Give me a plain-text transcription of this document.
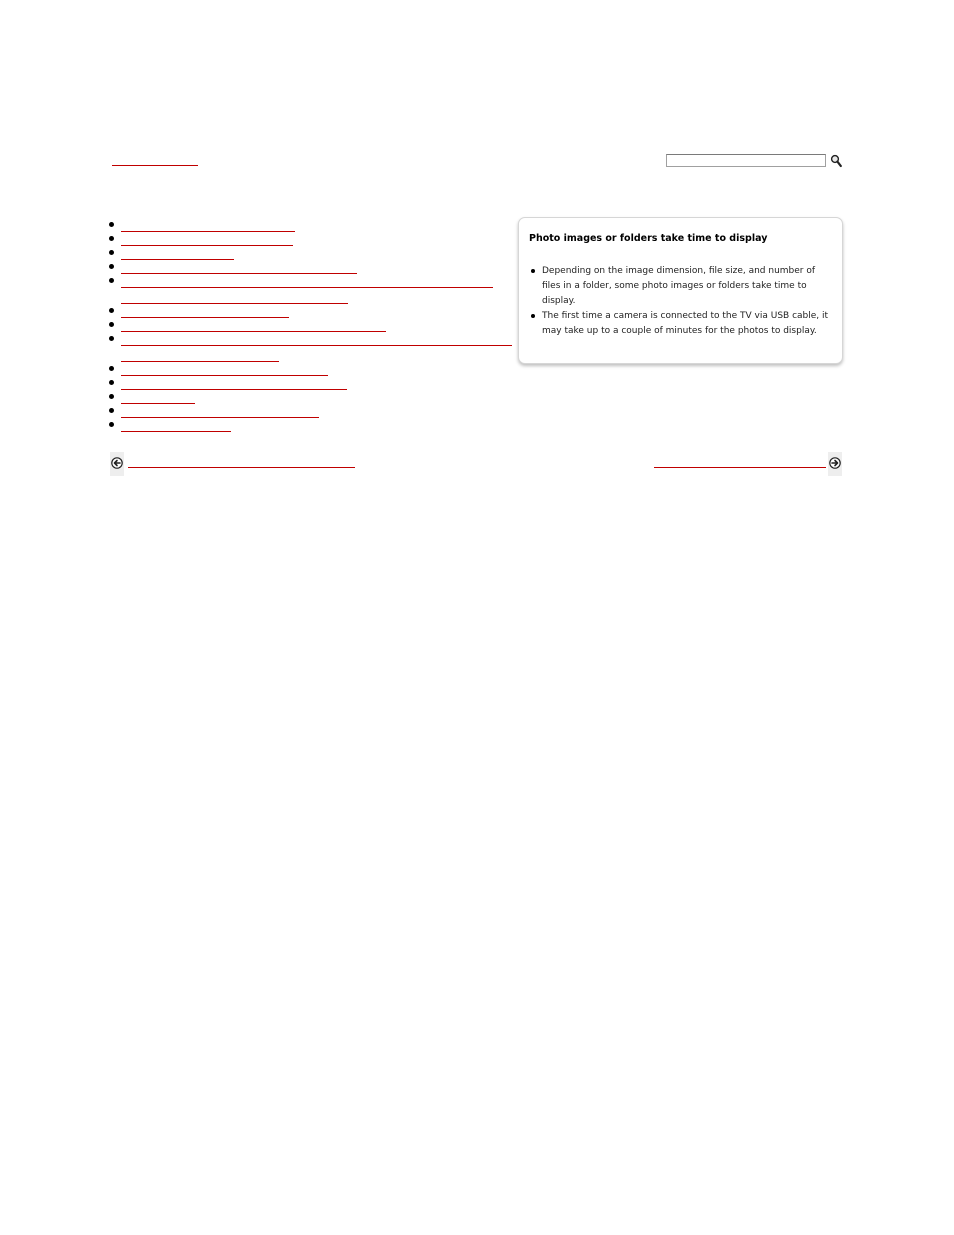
Photo images or folders take time to display

Depending on the image dimension, file size, and number of files in a folder, some photo images or folders take time to display.
The first time a camera is connected to the TV via USB cable, it may take up to a couple of minutes for the photos to display.
